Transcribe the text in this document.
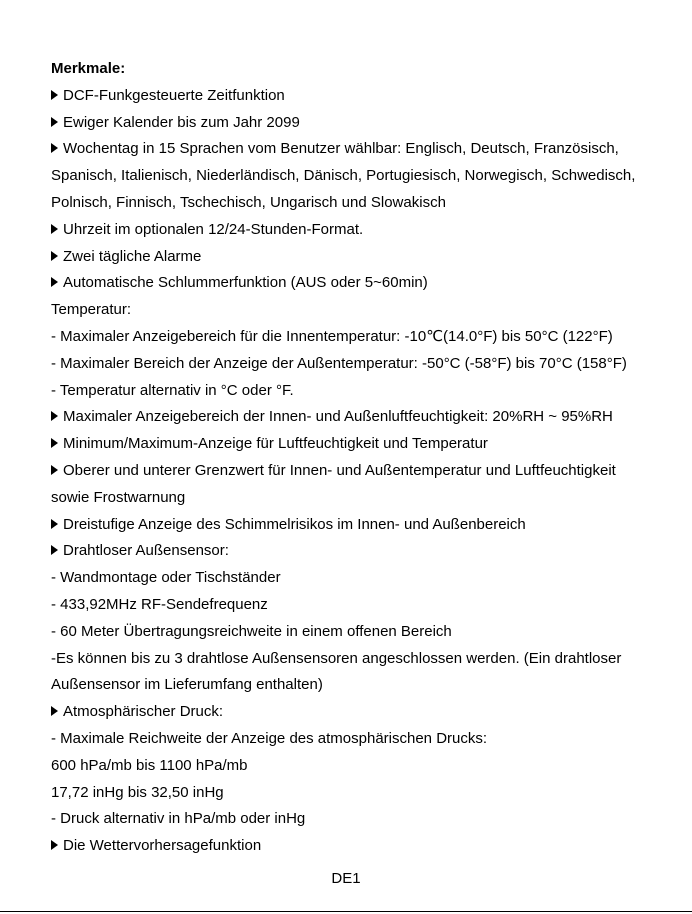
Merkmale:
DCF-Funkgesteuerte Zeitfunktion
Ewiger Kalender bis zum Jahr 2099
Wochentag in 15 Sprachen vom Benutzer wählbar: Englisch, Deutsch, Französisch,
Spanisch, Italienisch, Niederländisch, Dänisch, Portugiesisch, Norwegisch, Schwedisch,
Polnisch, Finnisch, Tschechisch, Ungarisch und Slowakisch
Uhrzeit im optionalen 12/24-Stunden-Format.
Zwei tägliche Alarme
Automatische Schlummerfunktion (AUS oder 5~60min)
Temperatur:
- Maximaler Anzeigebereich für die Innentemperatur: -10℃(14.0°F) bis 50°C (122°F)
- Maximaler Bereich der Anzeige der Außentemperatur: -50°C (-58°F) bis 70°C (158°F)
- Temperatur alternativ in °C oder °F.
Maximaler Anzeigebereich der Innen- und Außenluftfeuchtigkeit: 20%RH ~ 95%RH
Minimum/Maximum-Anzeige für Luftfeuchtigkeit und Temperatur
Oberer und unterer Grenzwert für Innen- und Außentemperatur und Luftfeuchtigkeit
sowie Frostwarnung
Dreistufige Anzeige des Schimmelrisikos im Innen- und Außenbereich
Drahtloser Außensensor:
- Wandmontage oder Tischständer
- 433,92MHz RF-Sendefrequenz
- 60 Meter Übertragungsreichweite in einem offenen Bereich
-Es können bis zu 3 drahtlose Außensensoren angeschlossen werden. (Ein drahtloser
Außensensor im Lieferumfang enthalten)
Atmosphärischer Druck:
- Maximale Reichweite der Anzeige des atmosphärischen Drucks:
600 hPa/mb bis 1100 hPa/mb
17,72 inHg bis 32,50 inHg
- Druck alternativ in hPa/mb oder inHg
Die Wettervorhersagefunktion
DE1
